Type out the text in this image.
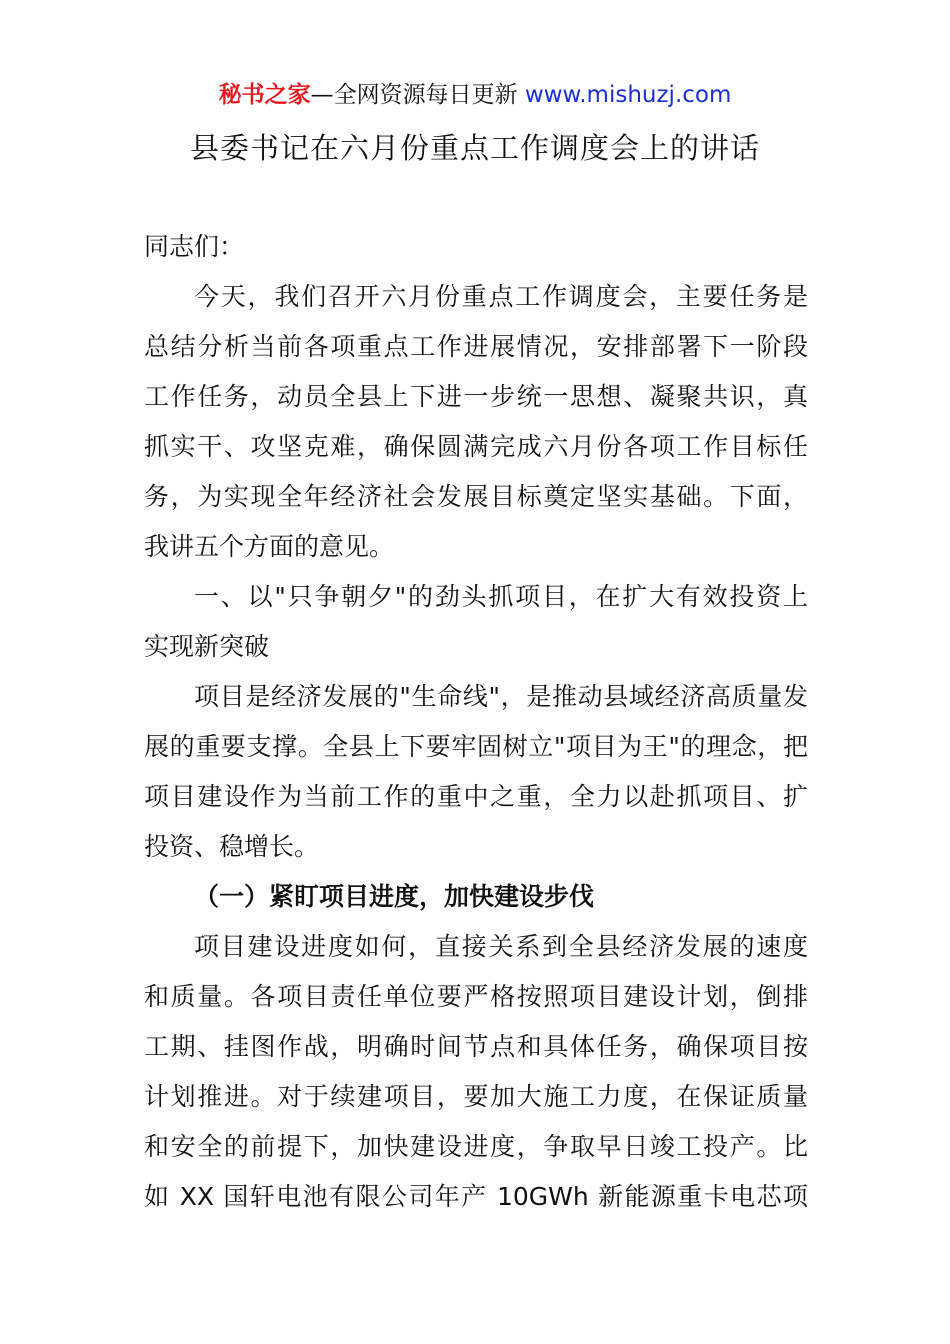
秘书之家—全网资源每日更新 www.mishuzj.com
县委书记在六月份重点工作调度会上的讲话
同志们：
今天，我们召开六月份重点工作调度会，主要任务是
总结分析当前各项重点工作进展情况，安排部署下一阶段
工作任务，动员全县上下进一步统一思想、凝聚共识，真
抓实干、攻坚克难，确保圆满完成六月份各项工作目标任
务，为实现全年经济社会发展目标奠定坚实基础。下面，
我讲五个方面的意见。
一、以"只争朝夕"的劲头抓项目，在扩大有效投资上
实现新突破
项目是经济发展的"生命线"，是推动县域经济高质量发
展的重要支撑。全县上下要牢固树立"项目为王"的理念，把
项目建设作为当前工作的重中之重，全力以赴抓项目、扩
投资、稳增长。
（一）紧盯项目进度，加快建设步伐
项目建设进度如何，直接关系到全县经济发展的速度
和质量。各项目责任单位要严格按照项目建设计划，倒排
工期、挂图作战，明确时间节点和具体任务，确保项目按
计划推进。对于续建项目，要加大施工力度，在保证质量
和安全的前提下，加快建设进度，争取早日竣工投产。比
如 XX 国轩电池有限公司年产 10GWh 新能源重卡电芯项
